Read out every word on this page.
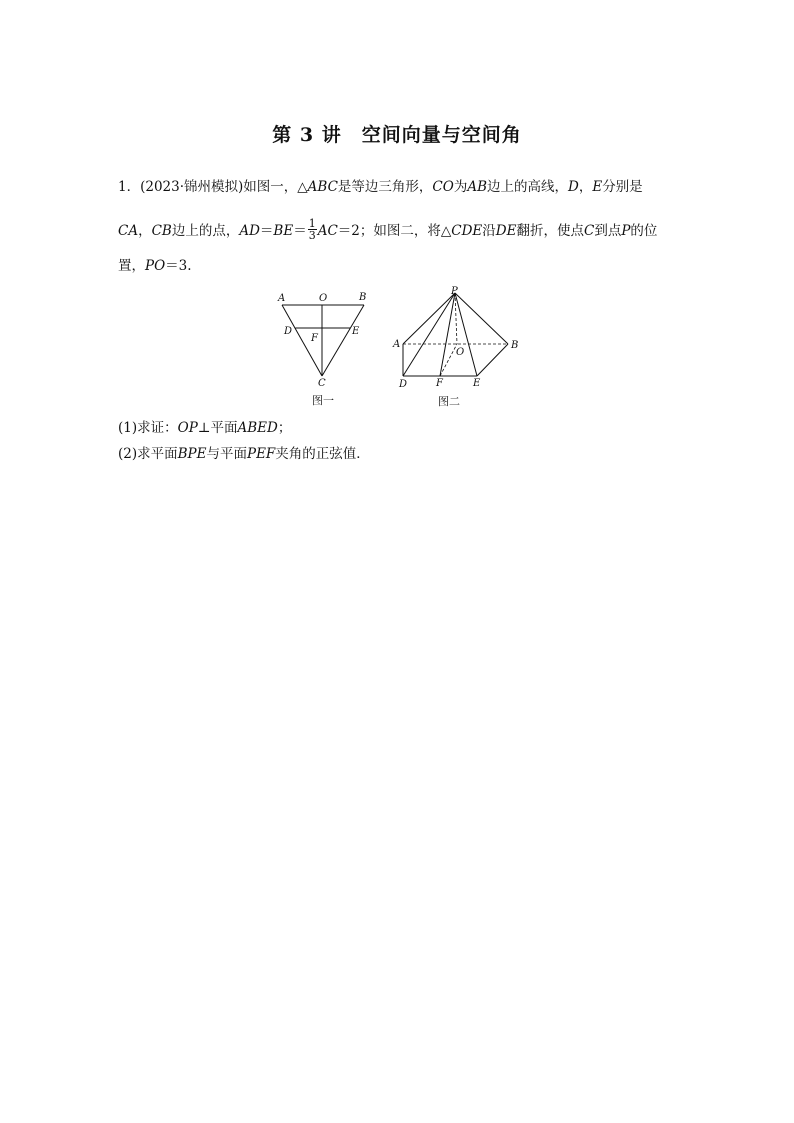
第 3 讲　空间向量与空间角
1．(2023·锦州模拟)如图一，△ABC是等边三角形，CO为AB边上的高线，D，E分别是
CA，CB边上的点，$AD=BE= \frac{1}{3} AC=2$；如图二，将△CDE沿DE翻折，使点C到点P的位
置，PO＝3.
A	O	B
D
F
E
C
图一
P
A	B
O
D	F	E
图二
(1)求证：OP⊥平面ABED；
(2)求平面BPE与平面PEF夹角的正弦值．
